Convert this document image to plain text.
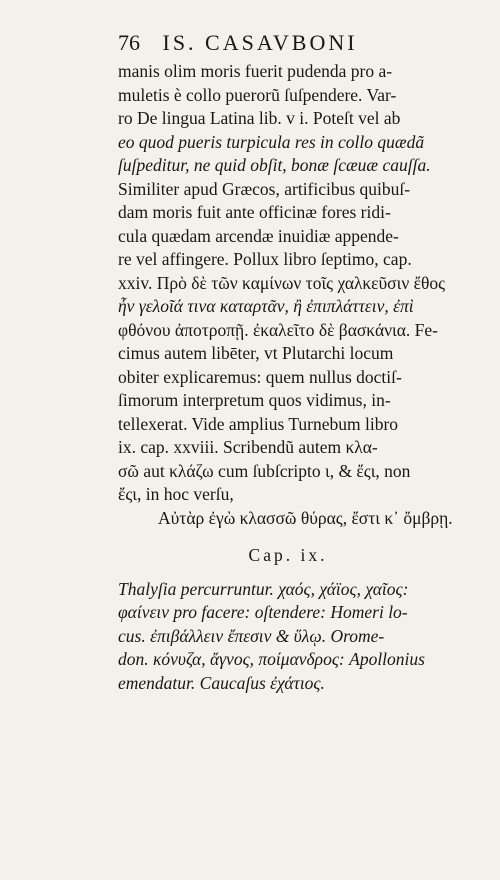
76 IS. CASAVBONI
manis olim moris fuerit pudenda pro a-
muletis è collo puerorũ ſuſpendere. Var-
ro De lingua Latina lib. v i. Poteſt vel ab
eo quod pueris turpicula res in collo quædã
ſuſpeditur, ne quid obſit, bonæ ſcæuæ cauſſa.
Similiter apud Græcos, artificibus quibuſ-
dam moris fuit ante officinæ fores ridi-
cula quædam arcendæ inuidiæ appende-
re vel affingere. Pollux libro ſeptimo, cap.
xxiv. Πρὸ δὲ τῶν καμίνων τοῖς χαλκεῦσιν ἔθος
ἦν γελοῖά τινα καταρτᾶν, ἢ ἐπιπλάττειν, ἐπὶ
φθόνου ἀποτροπῇ. ἐκαλεῖτο δὲ βασκάνια. Fe-
cimus autem libēter, vt Plutarchi locum
obiter explicaremus: quem nullus doctiſ-
ſimorum interpretum quos vidimus, in-
tellexerat. Vide amplius Turnebum libro
ix. cap. xxviii. Scribendũ autem κλα-
σῶ aut κλάζω cum ſubſcripto ι, & ἔςι, non
ἔςι, in hoc verſu,
Αὐτὰρ ἐγὼ κλασσῶ θύρας, ἔστι κ᾿ ὄμβρῃ.
Cap. ix.
Thalyſia percurruntur. χαός, χάϊος, χαῖος:
φαίνειν pro facere: oſtendere: Homeri lo-
cus. ἐπιβάλλειν ἔπεσιν & ὕλῳ. Orome-
don. κόνυζα, ἄγνος, ποίμανδρος: Apollonius
emendatur. Caucaſus ἐχάτιος.
